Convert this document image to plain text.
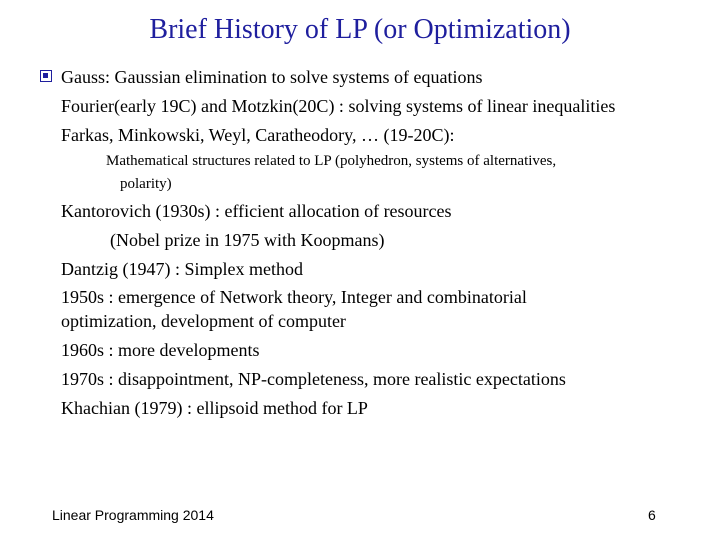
Brief History of LP (or Optimization)
Gauss: Gaussian elimination to solve systems of equations
Fourier(early 19C) and Motzkin(20C) : solving systems of linear inequalities
Farkas, Minkowski, Weyl, Caratheodory, … (19-20C):
Mathematical structures related to LP (polyhedron, systems of alternatives,
polarity)
Kantorovich (1930s) : efficient allocation of resources
(Nobel prize in 1975 with Koopmans)
Dantzig (1947) : Simplex method
1950s : emergence of Network theory, Integer and combinatorial
optimization, development of computer
1960s : more developments
1970s : disappointment, NP-completeness, more realistic expectations
Khachian (1979) : ellipsoid method for LP
Linear Programming 2014	6
